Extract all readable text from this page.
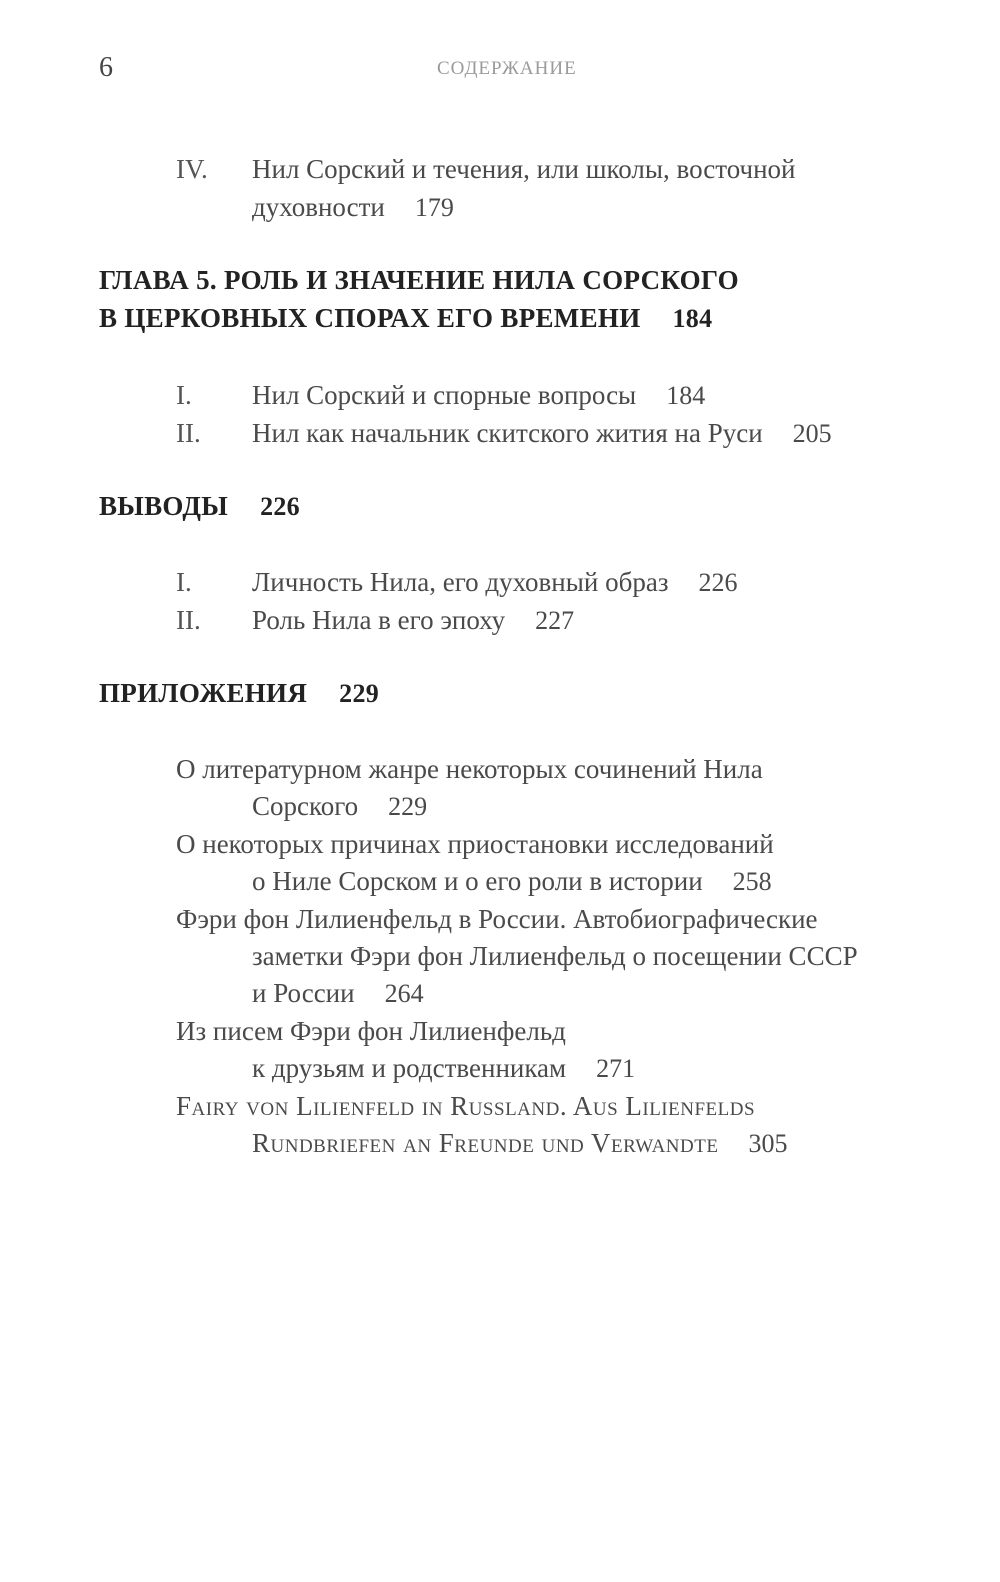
6	СОДЕРЖАНИЕ
IV. Нил Сорский и течения, или школы, восточной
духовности 179
ГЛАВА 5. РОЛЬ И ЗНАЧЕНИЕ НИЛА СОРСКОГО
В ЦЕРКОВНЫХ СПОРАХ ЕГО ВРЕМЕНИ 184
I. Нил Сорский и спорные вопросы 184
II. Нил как начальник скитского жития на Руси 205
ВЫВОДЫ 226
I. Личность Нила, его духовный образ 226
II. Роль Нила в его эпоху 227
ПРИЛОЖЕНИЯ 229
О литературном жанре некоторых сочинений Нила
Сорского 229
О некоторых причинах приостановки исследований
о Ниле Сорском и о его роли в истории 258
Фэри фон Лилиенфельд в России. Автобиографические
заметки Фэри фон Лилиенфельд о посещении СССР
и России 264
Из писем Фэри фон Лилиенфельд
к друзьям и родственникам 271
Fairy von Lilienfeld in Russland. Aus Lilienfelds
Rundbriefen an Freunde und Verwandte 305
